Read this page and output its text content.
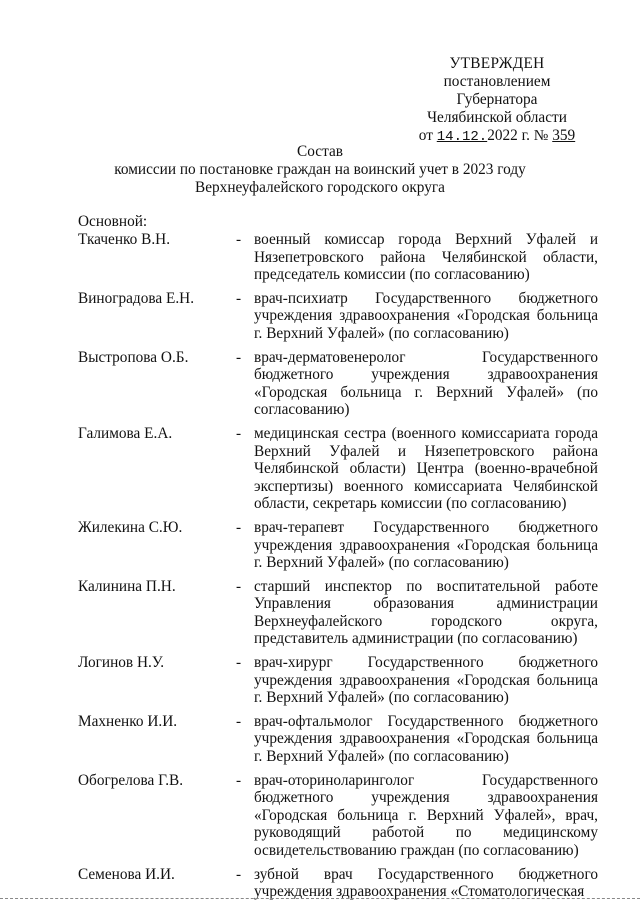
УТВЕРЖДЕН
постановлением Губернатора
Челябинской области
от 14.12.2022 г. № 359
Состав
комиссии по постановке граждан на воинский учет в 2023 году
Верхнеуфалейского городского округа
Основной:
Ткаченко В.Н.	- военный комиссар города Верхний Уфалей и Нязепетровского района Челябинской области, председатель комиссии (по согласованию)
Виноградова Е.Н.	- врач-психиатр Государственного бюджетного учреждения здравоохранения «Городская больница г. Верхний Уфалей» (по согласованию)
Выстропова О.Б.	- врач-дерматовенеролог Государственного бюджетного учреждения здравоохранения «Городская больница г. Верхний Уфалей» (по согласованию)
Галимова Е.А.	- медицинская сестра (военного комиссариата города Верхний Уфалей и Нязепетровского района Челябинской области) Центра (военно-врачебной экспертизы) военного комиссариата Челябинской области, секретарь комиссии (по согласованию)
Жилекина С.Ю.	- врач-терапевт Государственного бюджетного учреждения здравоохранения «Городская больница г. Верхний Уфалей» (по согласованию)
Калинина П.Н.	- старший инспектор по воспитательной работе Управления образования администрации Верхнеуфалейского городского округа, представитель администрации (по согласованию)
Логинов Н.У.	- врач-хирург Государственного бюджетного учреждения здравоохранения «Городская больница г. Верхний Уфалей» (по согласованию)
Махненко И.И.	- врач-офтальмолог Государственного бюджетного учреждения здравоохранения «Городская больница г. Верхний Уфалей» (по согласованию)
Обогрелова Г.В.	- врач-оториноларинголог Государственного бюджетного учреждения здравоохранения «Городская больница г. Верхний Уфалей», врач, руководящий работой по медицинскому освидетельствованию граждан (по согласованию)
Семенова И.И.	- зубной врач Государственного бюджетного учреждения здравоохранения «Стоматологическая
